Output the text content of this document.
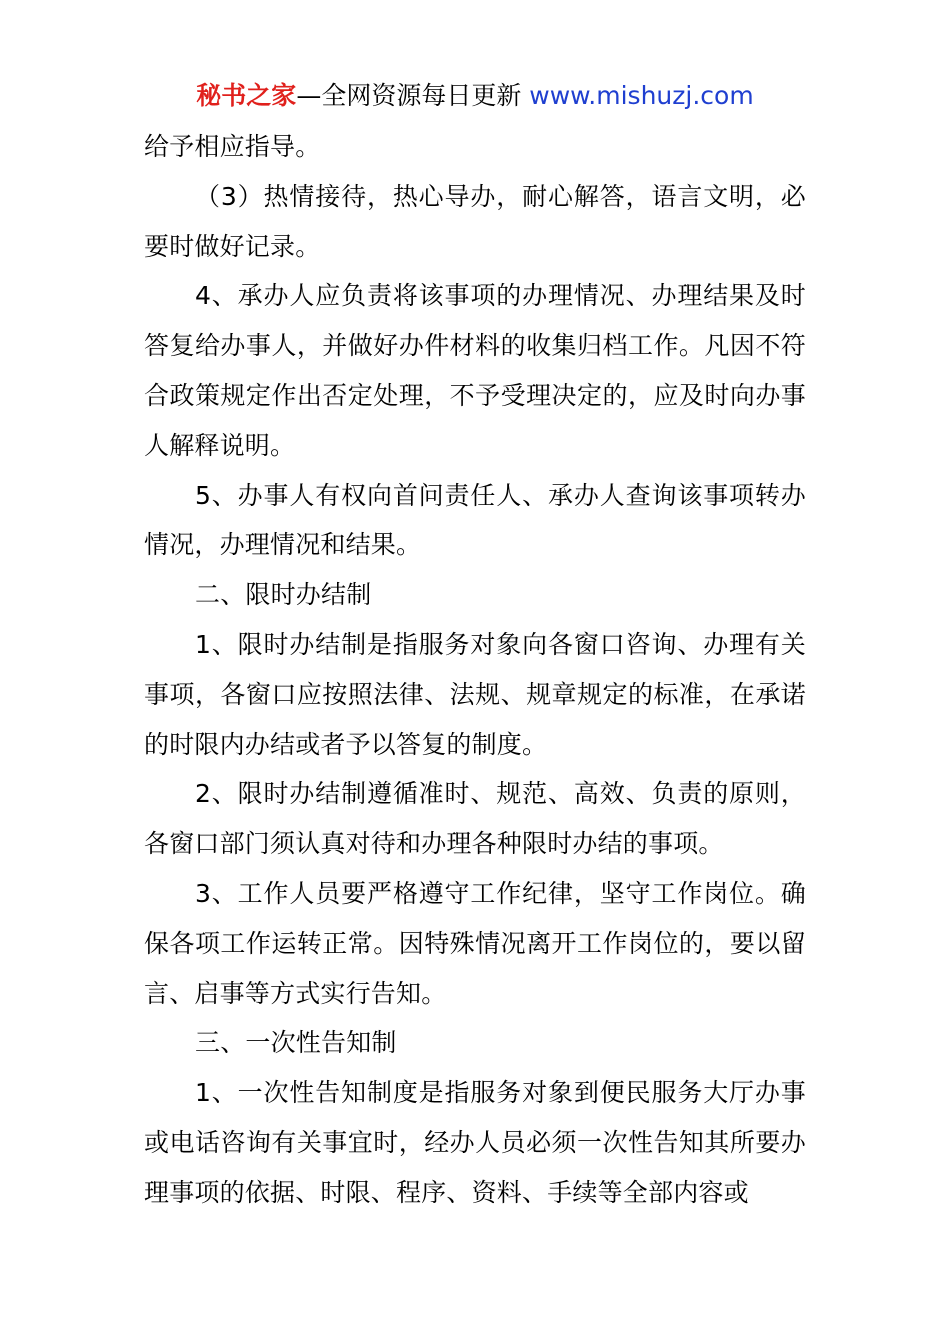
秘书之家—全网资源每日更新 www.mishuzj.com

给予相应指导。

（3）热情接待，热心导办，耐心解答，语言文明，必要时做好记录。

4、承办人应负责将该事项的办理情况、办理结果及时答复给办事人，并做好办件材料的收集归档工作。凡因不符合政策规定作出否定处理，不予受理决定的，应及时向办事人解释说明。

5、办事人有权向首问责任人、承办人查询该事项转办情况，办理情况和结果。

二、限时办结制

1、限时办结制是指服务对象向各窗口咨询、办理有关事项，各窗口应按照法律、法规、规章规定的标准，在承诺的时限内办结或者予以答复的制度。

2、限时办结制遵循准时、规范、高效、负责的原则，各窗口部门须认真对待和办理各种限时办结的事项。

3、工作人员要严格遵守工作纪律，坚守工作岗位。确保各项工作运转正常。因特殊情况离开工作岗位的，要以留言、启事等方式实行告知。

三、一次性告知制

1、一次性告知制度是指服务对象到便民服务大厅办事或电话咨询有关事宜时，经办人员必须一次性告知其所要办理事项的依据、时限、程序、资料、手续等全部内容或
